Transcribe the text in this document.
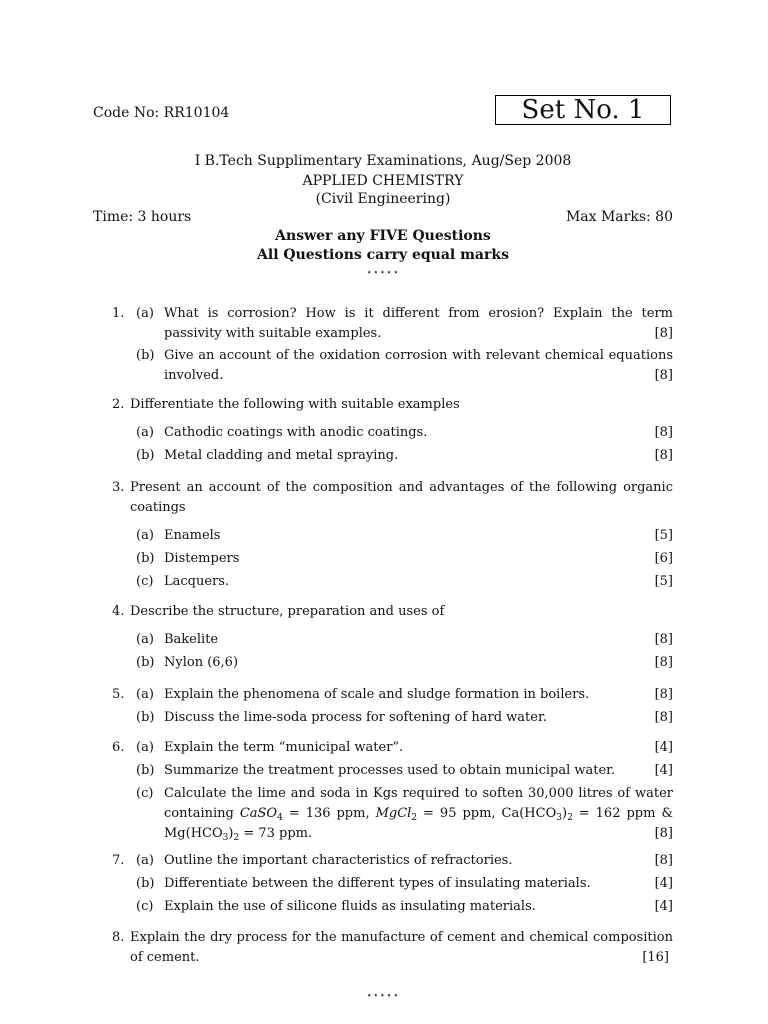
Code No: RR10104	Set No. 1
I B.Tech Supplimentary Examinations, Aug/Sep 2008
APPLIED CHEMISTRY
(Civil Engineering)
Time: 3 hours	Max Marks: 80
Answer any FIVE Questions
All Questions carry equal marks
⋆⋆⋆⋆⋆
1. (a) What is corrosion? How is it different from erosion? Explain the term passivity with suitable examples.	[8]
(b) Give an account of the oxidation corrosion with relevant chemical equations involved.	[8]
2. Differentiate the following with suitable examples
(a) Cathodic coatings with anodic coatings.	[8]
(b) Metal cladding and metal spraying.	[8]
3. Present an account of the composition and advantages of the following organic coatings
(a) Enamels	[5]
(b) Distempers	[6]
(c) Lacquers.	[5]
4. Describe the structure, preparation and uses of
(a) Bakelite	[8]
(b) Nylon (6,6)	[8]
5. (a) Explain the phenomena of scale and sludge formation in boilers.	[8]
(b) Discuss the lime-soda process for softening of hard water.	[8]
6. (a) Explain the term “municipal water”.	[4]
(b) Summarize the treatment processes used to obtain municipal water.	[4]
(c) Calculate the lime and soda in Kgs required to soften 30,000 litres of water containing CaSO$_4$ = 136 ppm, MgCl$_2$ = 95 ppm, $Ca(HCO_3)_2 = 162$ ppm & $Mg(HCO_3)_2 = 73$ ppm.	[8]
7. (a) Outline the important characteristics of refractories.	[8]
(b) Differentiate between the different types of insulating materials.	[4]
(c) Explain the use of silicone fluids as insulating materials.	[4]
8. Explain the dry process for the manufacture of cement and chemical composition of cement.	[16]
⋆⋆⋆⋆⋆
